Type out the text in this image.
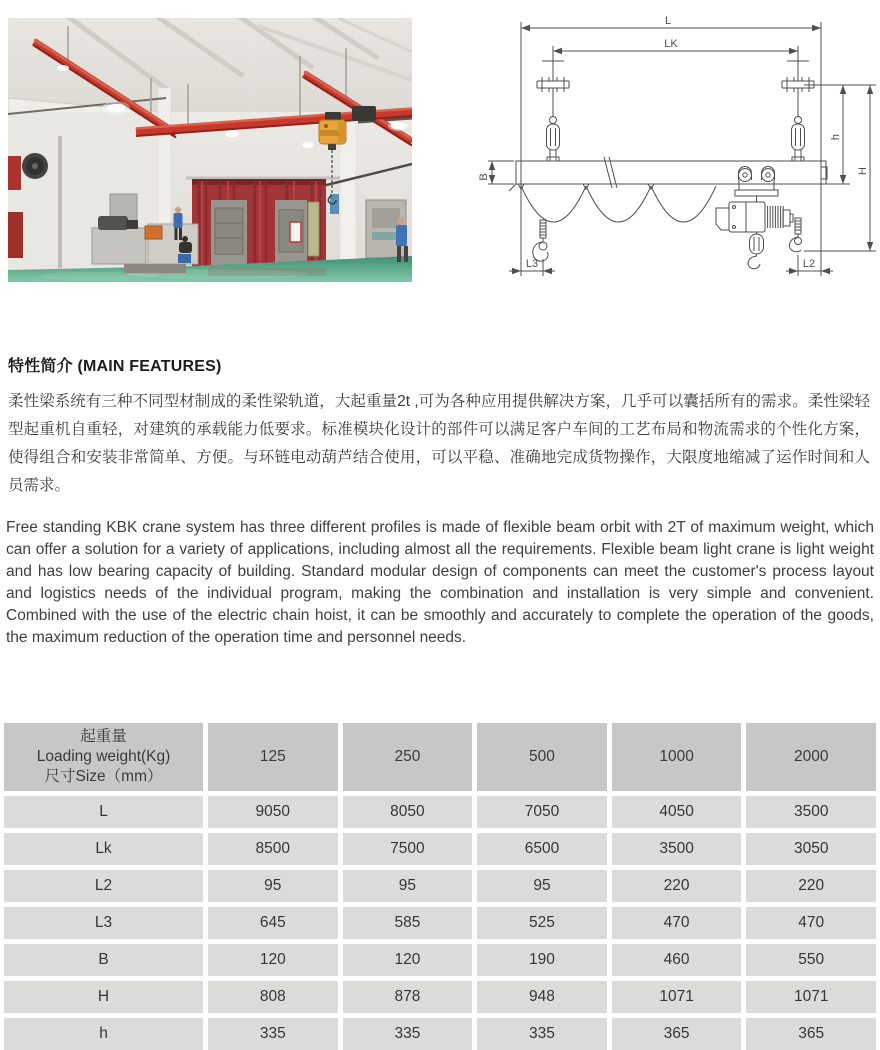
L
LK
B
h
H
L3	L2
特性简介 (MAIN FEATURES)

柔性梁系统有三种不同型材制成的柔性梁轨道，大起重量2t ,可为各种应用提供解决方案，几乎可以囊括所有的需求。柔性梁轻型起重机自重轻，对建筑的承载能力低要求。标准模块化设计的部件可以满足客户车间的工艺布局和物流需求的个性化方案，使得组合和安装非常简单、方便。与环链电动葫芦结合使用，可以平稳、准确地完成货物操作，大限度地缩减了运作时间和人员需求。

Free standing KBK crane system has three different profiles is made of flexible beam orbit with 2T of maximum weight, which can offer a solution for a variety of applications, including almost all the requirements. Flexible beam light crane is light weight and has low bearing capacity of building. Standard modular design of components can meet the customer's process layout and logistics needs of the individual program, making the combination and installation is very simple and convenient. Combined with the use of the electric chain hoist, it can be smoothly and accurately to complete the operation of the goods, the maximum reduction of the operation time and personnel needs.

起重量
Loading weight(Kg)
尺寸Size（mm）
125	250	500	1000	2000
L	9050	8050	7050	4050	3500
Lk	8500	7500	6500	3500	3050
L2	95	95	95	220	220
L3	645	585	525	470	470
B	120	120	190	460	550
H	808	878	948	1071	1071
h	335	335	335	365	365
